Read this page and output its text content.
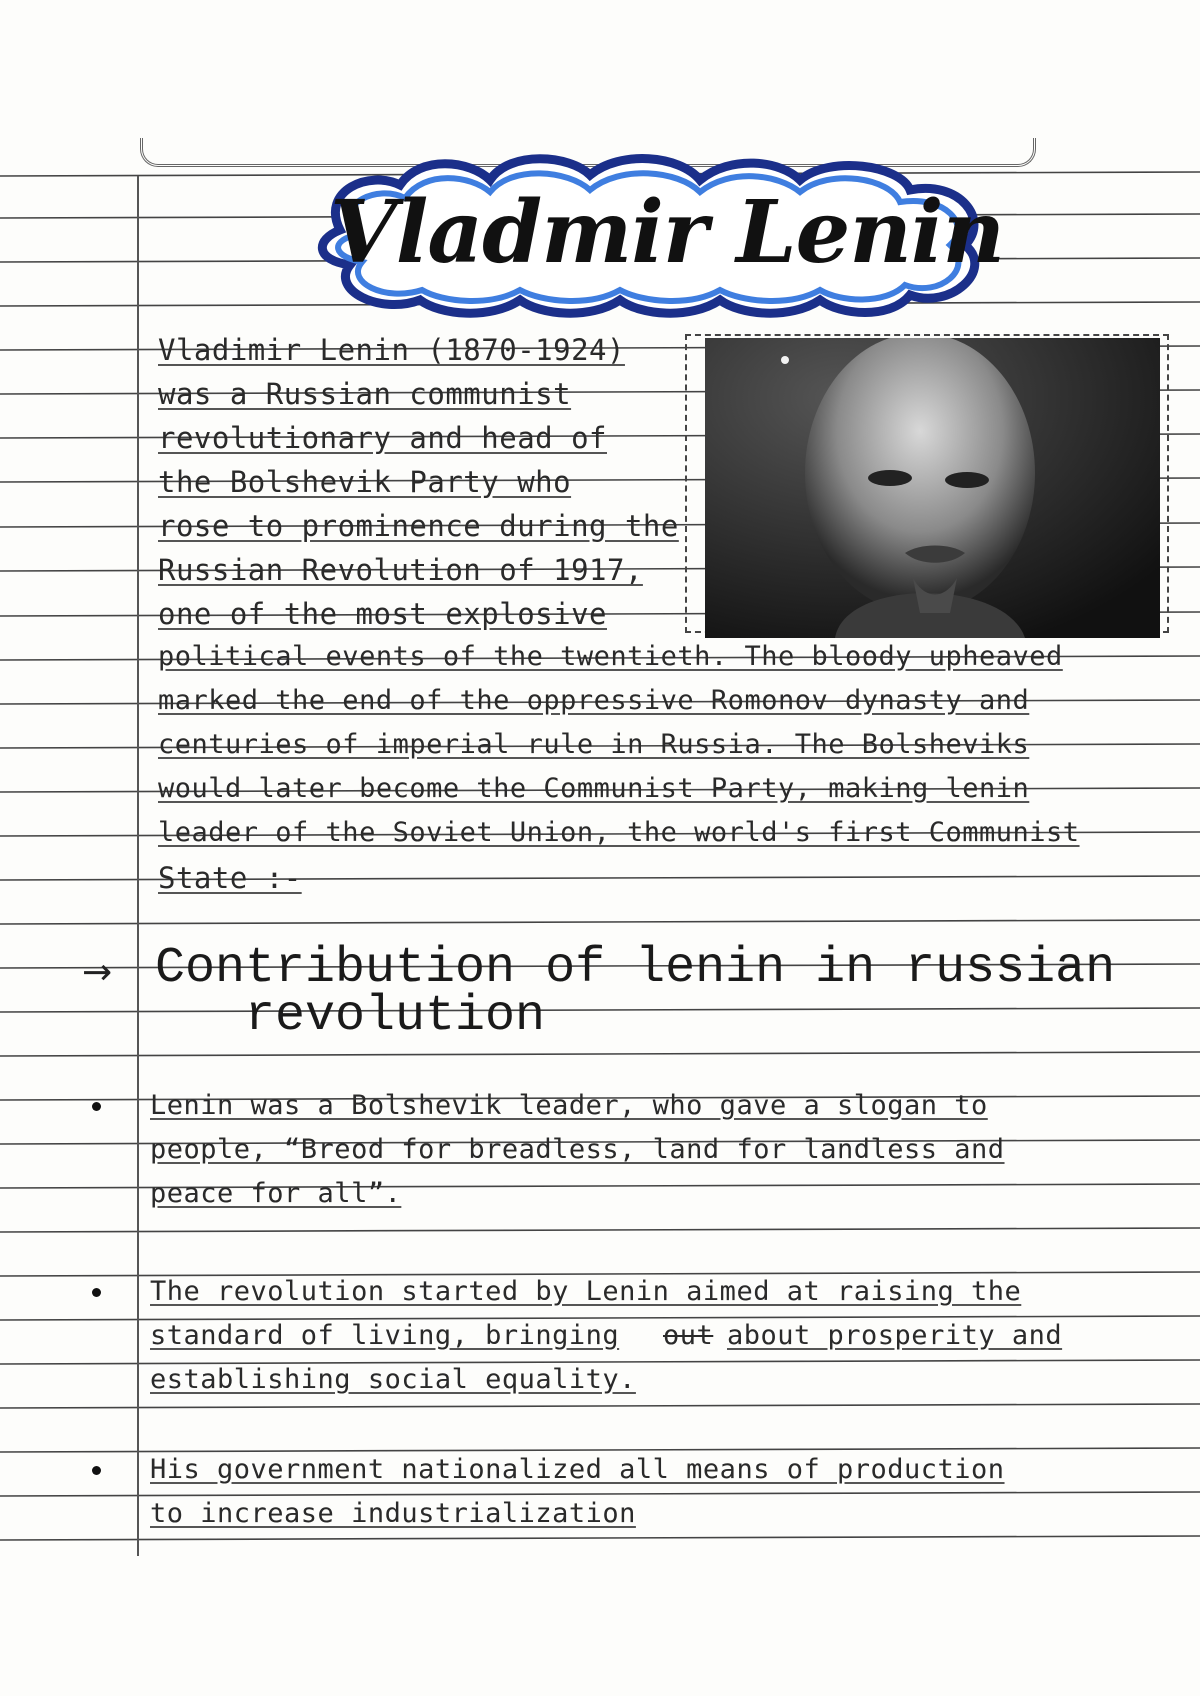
Vladmir Lenin
Vladimir Lenin (1870-1924)
was a Russian communist
revolutionary and head of
the Bolshevik Party who
rose to prominence during the
Russian Revolution of 1917,
one of the most explosive
political events of the twentieth. The bloody upheaved
marked the end of the oppressive Romonov dynasty and
centuries of imperial rule in Russia. The Bolsheviks
would later become the Communist Party, making lenin
leader of the Soviet Union, the world's first Communist
State :-
→ Contribution of lenin in russian
revolution
Lenin was a Bolshevik leader, who gave a slogan to
people, “Breod for breadless, land for landless and
peace for all”.
The revolution started by Lenin aimed at raising the
standard of living, bringing out about prosperity and
establishing social equality.
His government nationalized all means of production
to increase industrialization
